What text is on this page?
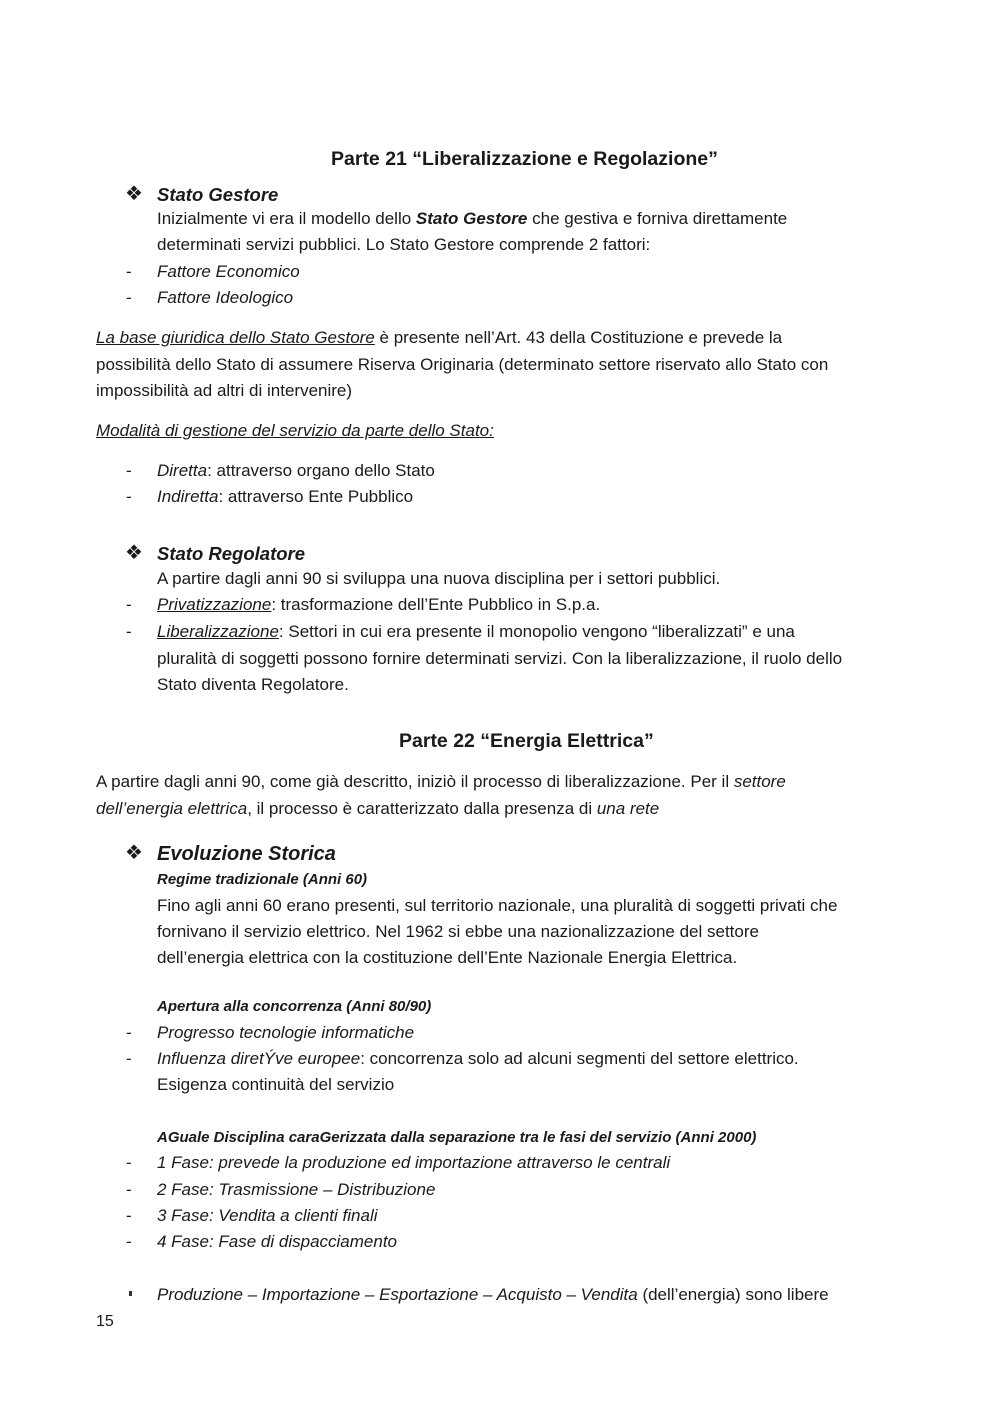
Parte 21 “Liberalizzazione e Regolazione”
❖ Stato Gestore
Inizialmente vi era il modello dello Stato Gestore che gestiva e forniva direttamente
determinati servizi pubblici. Lo Stato Gestore comprende 2 fattori:
- Fattore Economico
- Fattore Ideologico
La base giuridica dello Stato Gestore è presente nell’Art. 43 della Costituzione e prevede la
possibilità dello Stato di assumere Riserva Originaria (determinato settore riservato allo Stato con
impossibilità ad altri di intervenire)
Modalità di gestione del servizio da parte dello Stato:
- Diretta: attraverso organo dello Stato
- Indiretta: attraverso Ente Pubblico
❖ Stato Regolatore
A partire dagli anni 90 si sviluppa una nuova disciplina per i settori pubblici.
- Privatizzazione: trasformazione dell’Ente Pubblico in S.p.a.
- Liberalizzazione: Settori in cui era presente il monopolio vengono “liberalizzati” e una
pluralità di soggetti possono fornire determinati servizi. Con la liberalizzazione, il ruolo dello
Stato diventa Regolatore.
Parte 22 “Energia Elettrica”
A partire dagli anni 90, come già descritto, iniziò il processo di liberalizzazione. Per il settore
dell’energia elettrica, il processo è caratterizzato dalla presenza di una rete
❖ Evoluzione Storica
Regime tradizionale (Anni 60)
Fino agli anni 60 erano presenti, sul territorio nazionale, una pluralità di soggetti privati che
fornivano il servizio elettrico. Nel 1962 si ebbe una nazionalizzazione del settore
dell’energia elettrica con la costituzione dell’Ente Nazionale Energia Elettrica.
Apertura alla concorrenza (Anni 80/90)
- Progresso tecnologie informatiche
- Influenza diretÝve europee: concorrenza solo ad alcuni segmenti del settore elettrico.
Esigenza continuità del servizio
AGuale Disciplina caraGerizzata dalla separazione tra le fasi del servizio (Anni 2000)
- 1 Fase: prevede la produzione ed importazione attraverso le centrali
- 2 Fase: Trasmissione – Distribuzione
- 3 Fase: Vendita a clienti finali
- 4 Fase: Fase di dispacciamento
Produzione – Importazione – Esportazione – Acquisto – Vendita (dell’energia) sono libere
15
